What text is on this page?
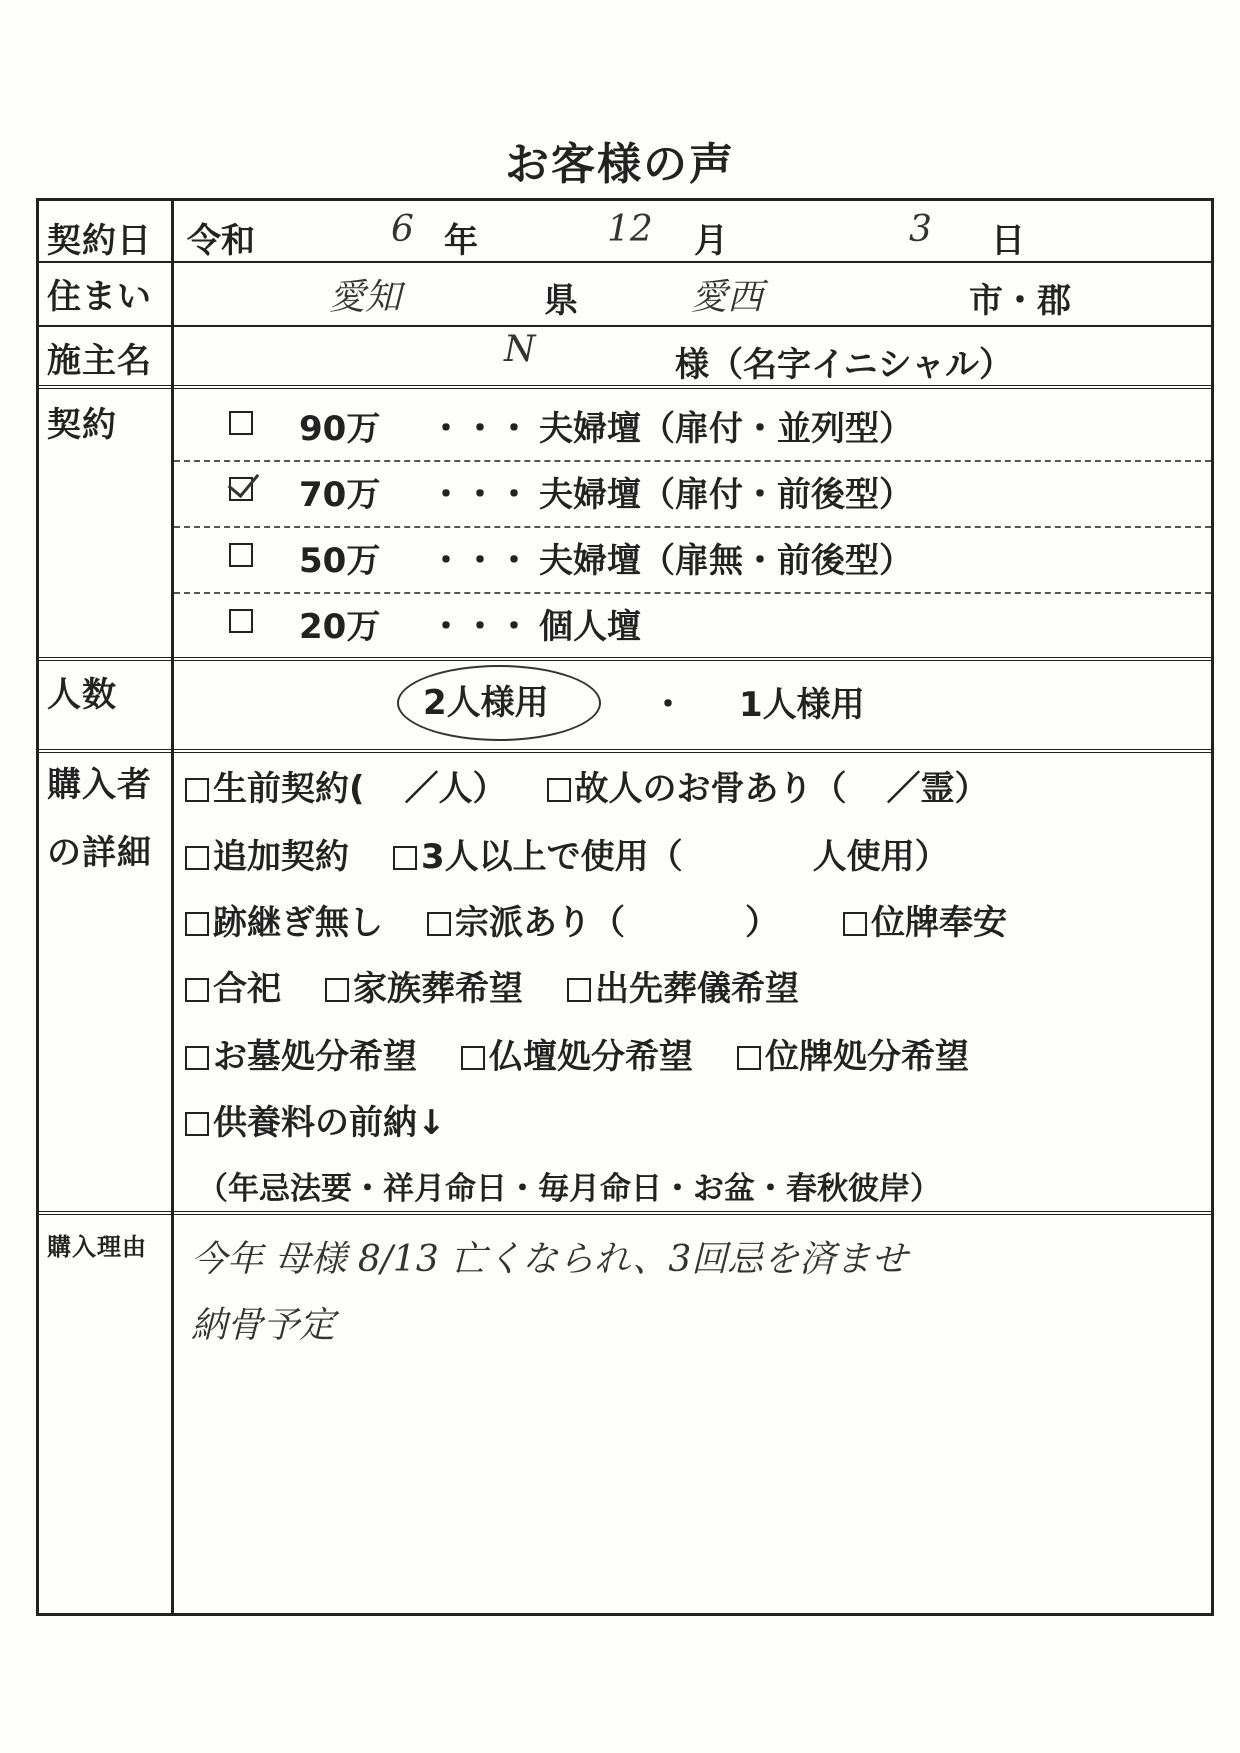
お客様の声
契約日 令和	6 年	12 月	3 日
住まい	愛知	県	愛西	市・郡
施主名	N	様（名字イニシャル）
契約	90万 ・・・ 夫婦壇（扉付・並列型）
70万 ・・・ 夫婦壇（扉付・前後型）
50万 ・・・ 夫婦壇（扉無・前後型）
20万 ・・・ 個人壇
人数	2人様用	・ 1人様用
購入者
の詳細
生前契約( ／人） 故人のお骨あり（ ／霊）
追加契約 3人以上で使用（	人使用）
跡継ぎ無し 宗派あり（	）	位牌奉安
合祀 家族葬希望 出先葬儀希望
お墓処分希望 仏壇処分希望 位牌処分希望
供養料の前納↓
（年忌法要・祥月命日・毎月命日・お盆・春秋彼岸）
購入理由 今年 母様 8/13 亡くなられ、3回忌を済ませ
納骨予定
